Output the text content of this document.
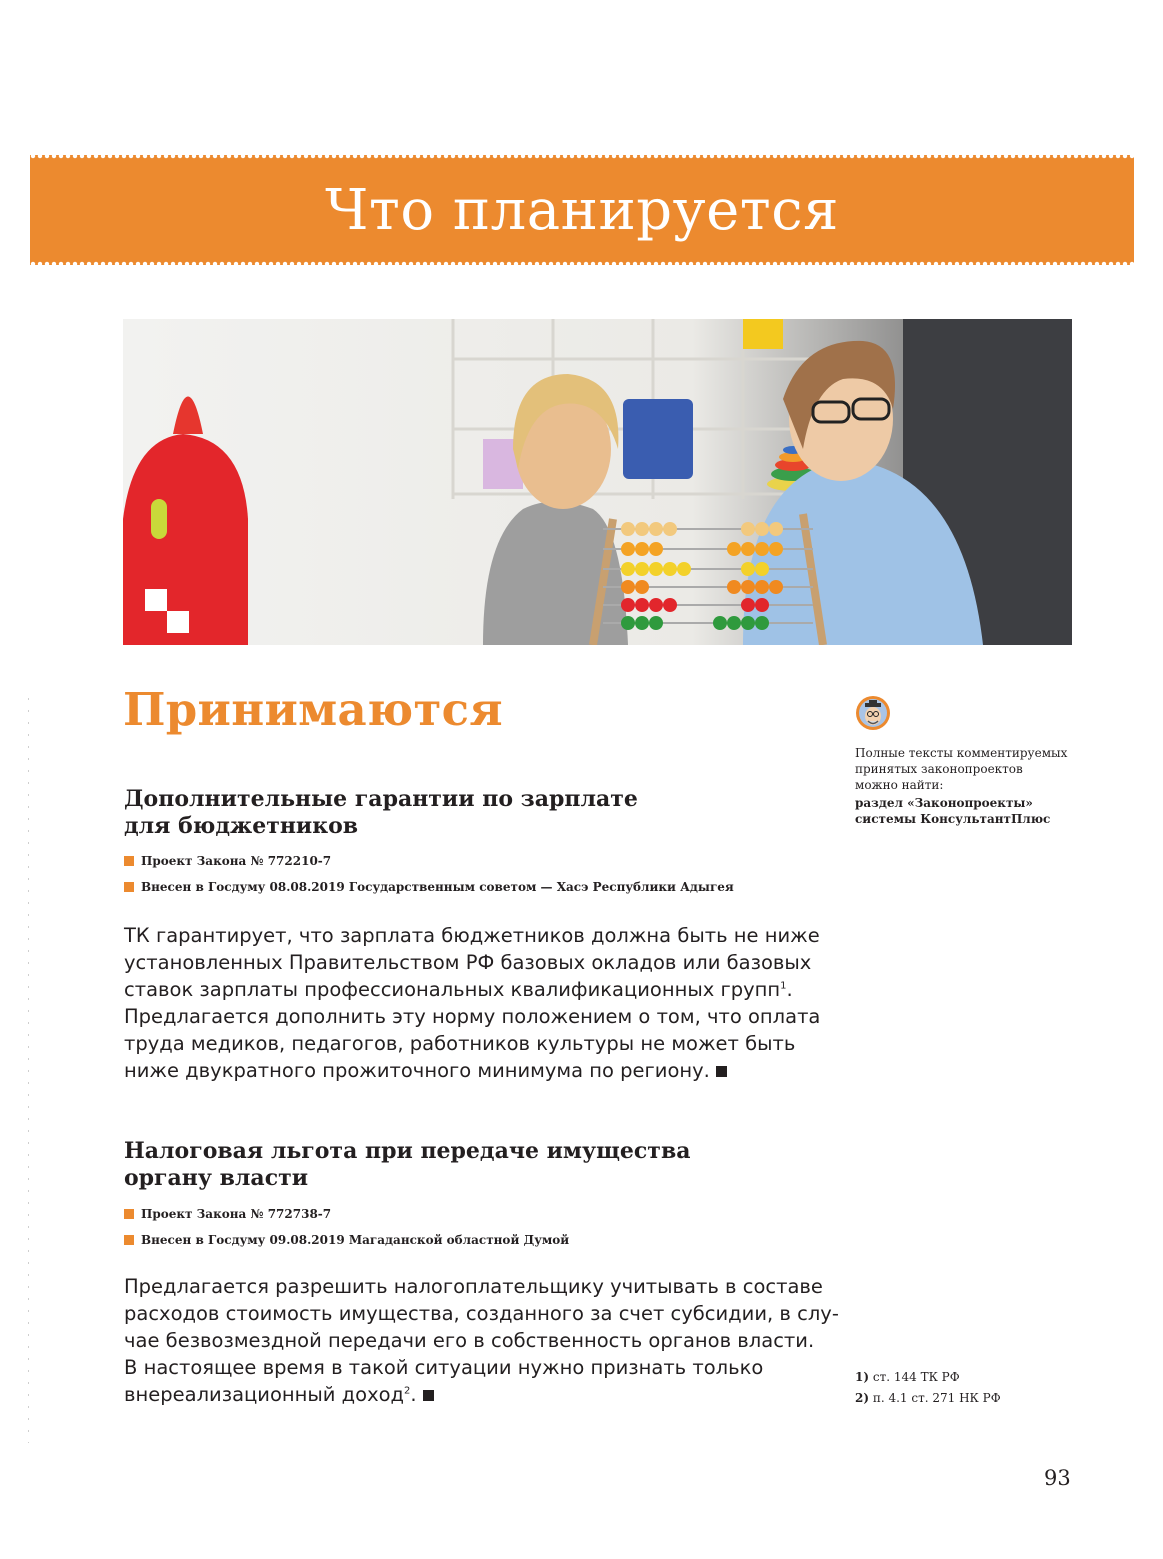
Что планируется
Принимаются
Дополнительные гарантии по зарплате
для бюджетников
Проект Закона № 772210-7
Внесен в Госдуму 08.08.2019 Государственным советом — Хасэ Республики Адыгея
ТК гарантирует, что зарплата бюджетников должна быть не ниже
установленных Правительством РФ базовых окладов или базовых
ставок зарплаты профессиональных квалификационных групп$^1$.
Предлагается дополнить эту норму положением о том, что оплата
труда медиков, педагогов, работников культуры не может быть
ниже двукратного прожиточного минимума по региону.
Налоговая льгота при передаче имущества
органу власти
Проект Закона № 772738-7
Внесен в Госдуму 09.08.2019 Магаданской областной Думой
Предлагается разрешить налогоплательщику учитывать в составе
расходов стоимость имущества, созданного за счет субсидии, в слу-
чае безвозмездной передачи его в собственность органов власти.
В настоящее время в такой ситуации нужно признать только
внереализационный доход$^2$.

Полные тексты комментируемых
принятых законопроектов
можно найти:

раздел «Законопроекты»
системы КонсультантПлюс

1) ст. 144 ТК РФ
2) п. 4.1 ст. 271 НК РФ
93
